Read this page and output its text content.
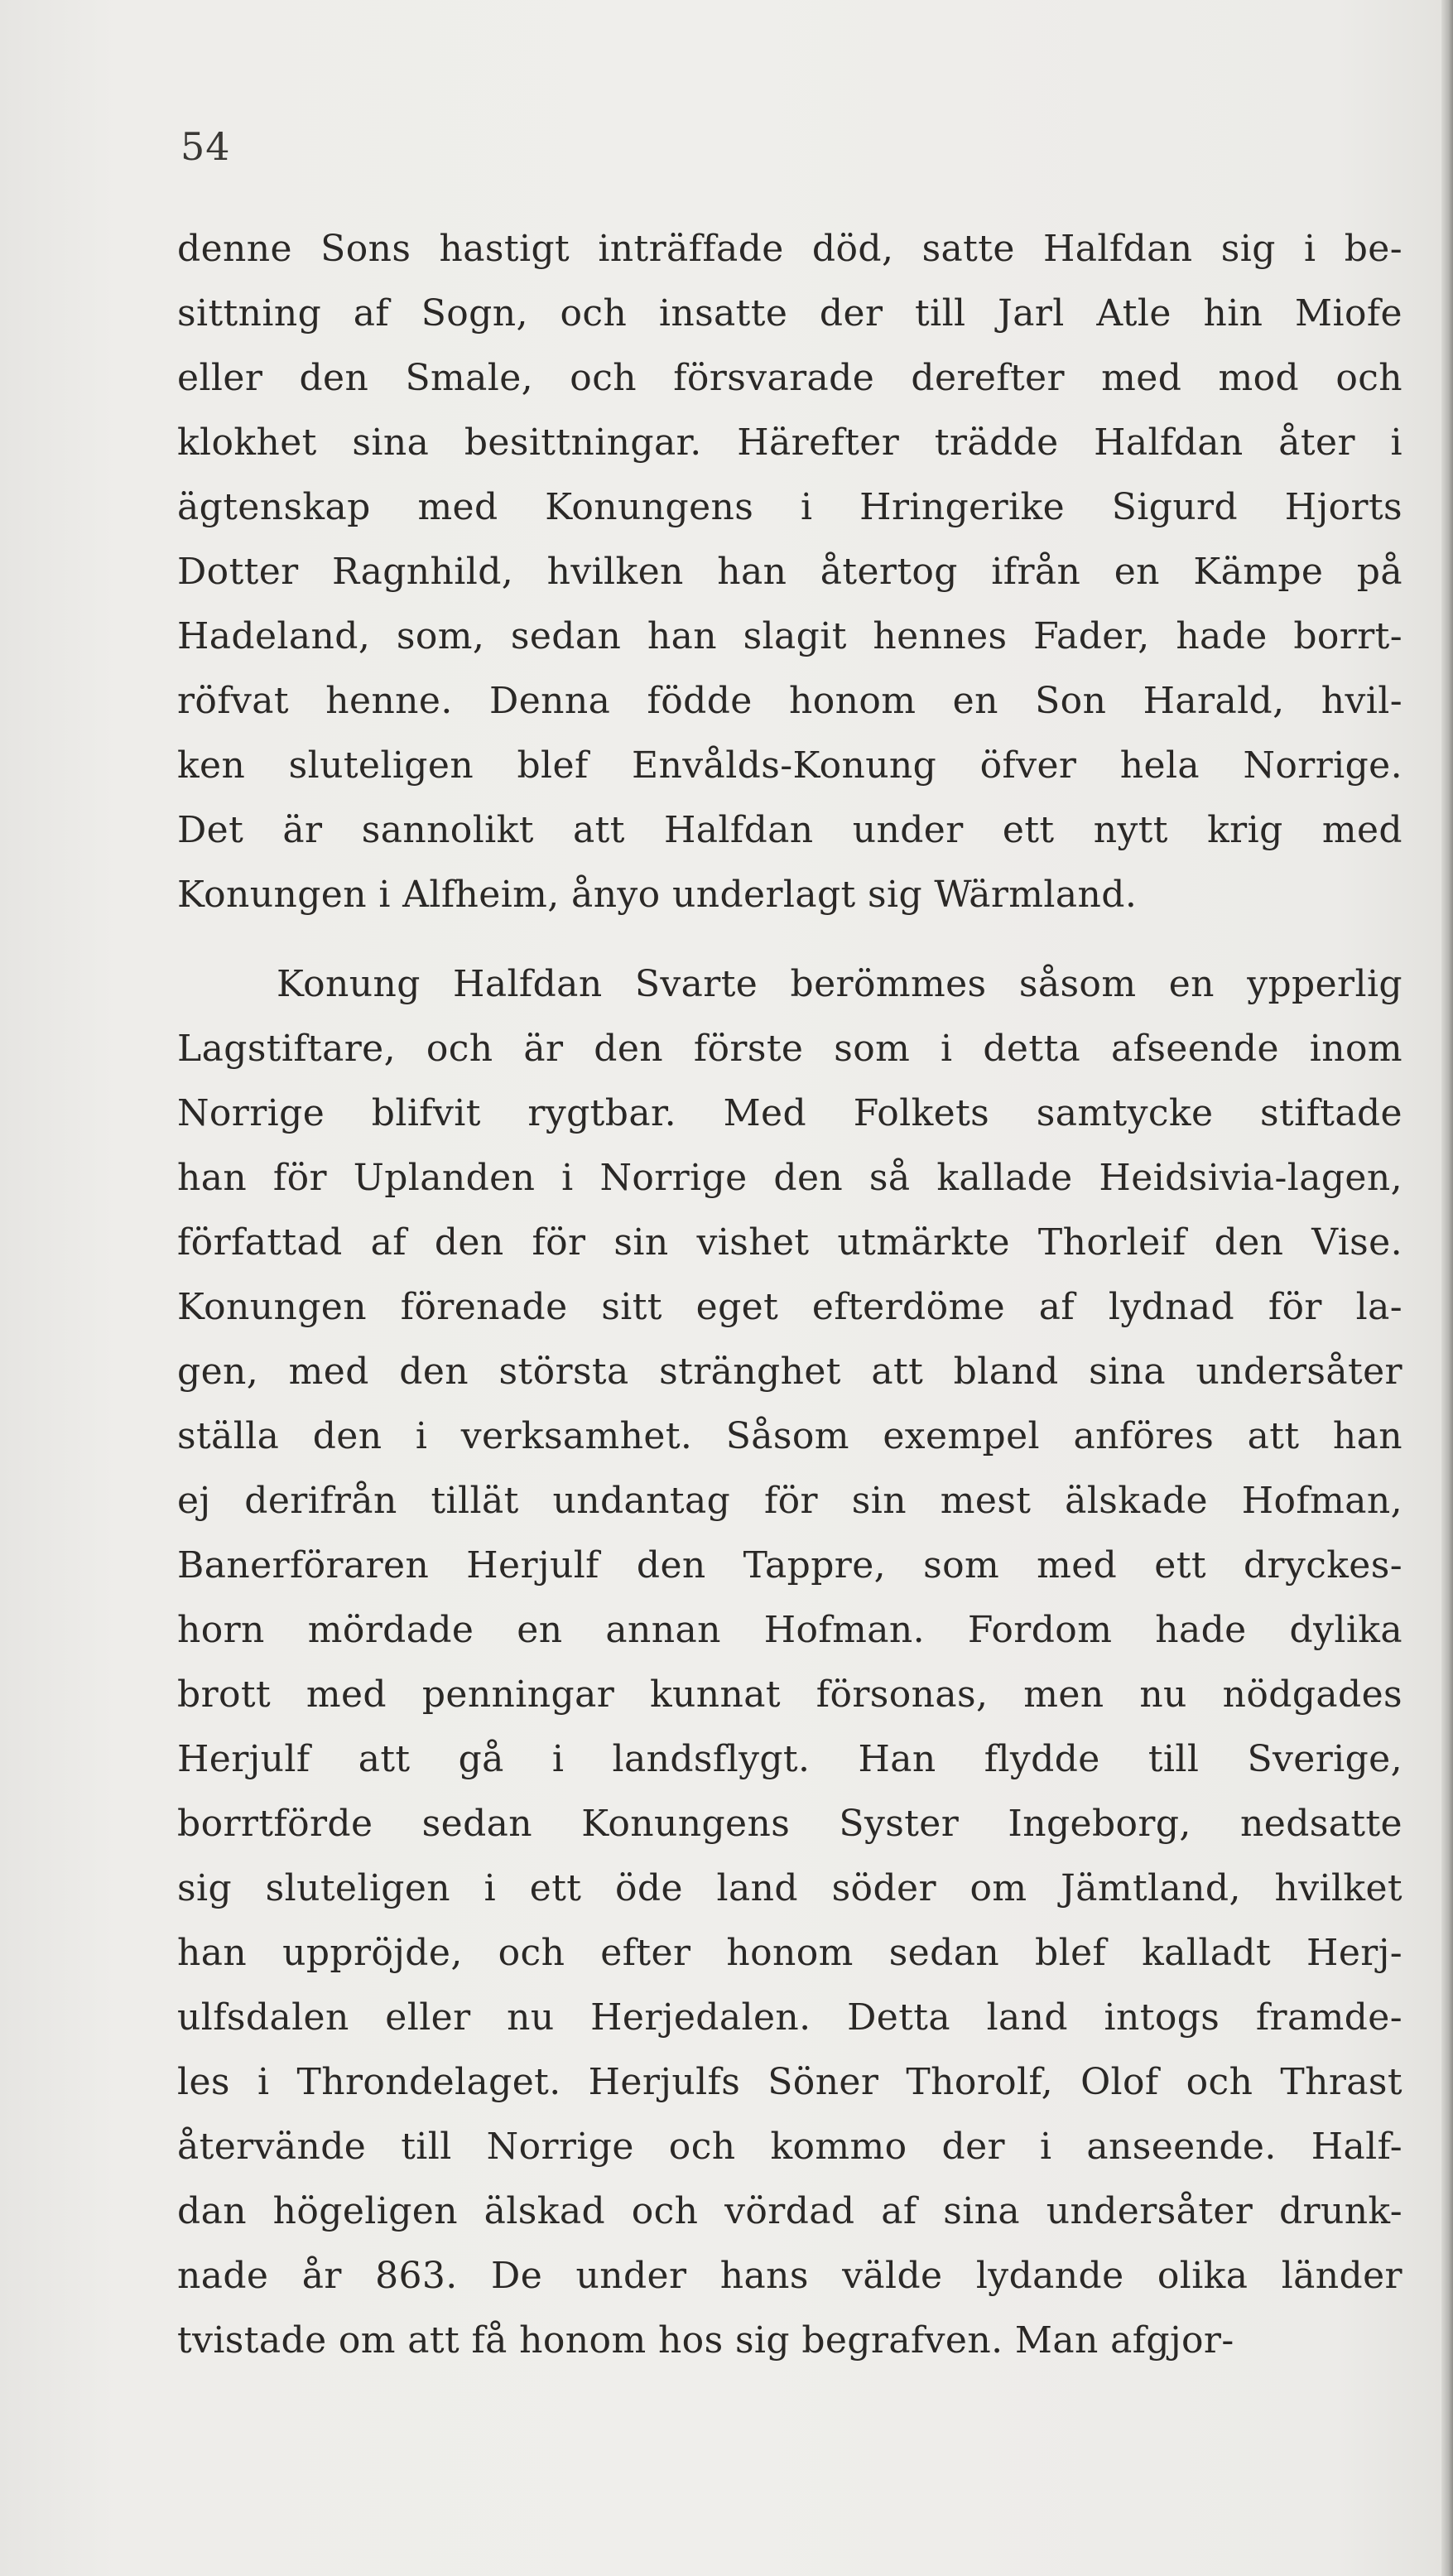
54
denne Sons hastigt inträffade död, satte Halfdan sig i be-
sittning af Sogn, och insatte der till Jarl Atle hin Miofe
eller den Smale, och försvarade derefter med mod och
klokhet sina besittningar. Härefter trädde Halfdan åter i
ägtenskap med Konungens i Hringerike Sigurd Hjorts
Dotter Ragnhild, hvilken han återtog ifrån en Kämpe på
Hadeland, som, sedan han slagit hennes Fader, hade borrt-
röfvat henne. Denna födde honom en Son Harald, hvil-
ken sluteligen blef Envålds-Konung öfver hela Norrige.
Det är sannolikt att Halfdan under ett nytt krig med
Konungen i Alfheim, ånyo underlagt sig Wärmland.
Konung Halfdan Svarte berömmes såsom en ypperlig
Lagstiftare, och är den förste som i detta afseende inom
Norrige blifvit rygtbar. Med Folkets samtycke stiftade
han för Uplanden i Norrige den så kallade Heidsivia-lagen,
författad af den för sin vishet utmärkte Thorleif den Vise.
Konungen förenade sitt eget efterdöme af lydnad för la-
gen, med den största stränghet att bland sina undersåter
ställa den i verksamhet. Såsom exempel anföres att han
ej derifrån tillät undantag för sin mest älskade Hofman,
Banerföraren Herjulf den Tappre, som med ett dryckes-
horn mördade en annan Hofman. Fordom hade dylika
brott med penningar kunnat försonas, men nu nödgades
Herjulf att gå i landsflygt. Han flydde till Sverige,
borrtförde sedan Konungens Syster Ingeborg, nedsatte
sig sluteligen i ett öde land söder om Jämtland, hvilket
han uppröjde, och efter honom sedan blef kalladt Herj-
ulfsdalen eller nu Herjedalen. Detta land intogs framde-
les i Throndelaget. Herjulfs Söner Thorolf, Olof och Thrast
återvände till Norrige och kommo der i anseende. Half-
dan högeligen älskad och vördad af sina undersåter drunk-
nade år 863. De under hans välde lydande olika länder
tvistade om att få honom hos sig begrafven. Man afgjor-
